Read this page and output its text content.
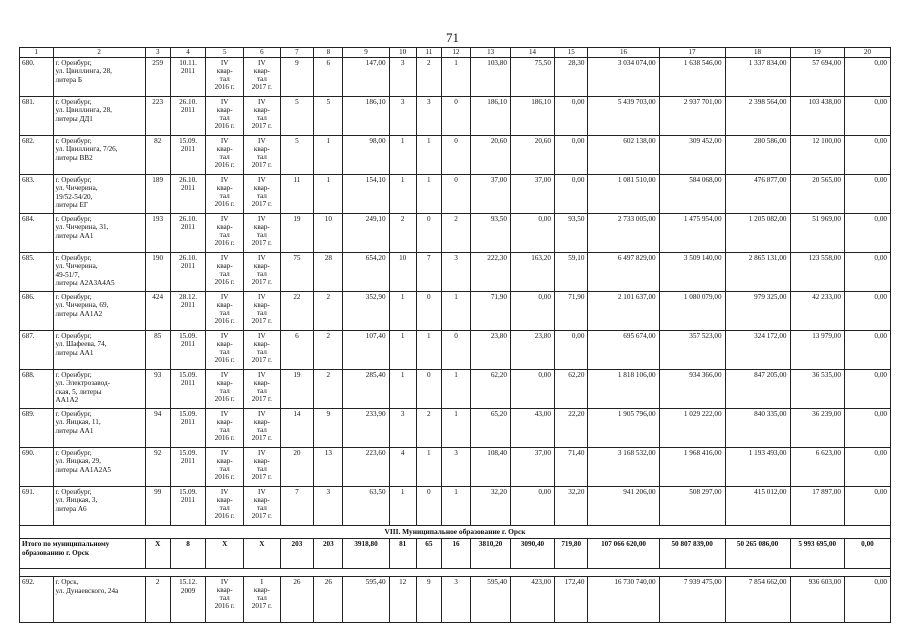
71
1	2	3	4	5	6	7	8	9	10	11	12	13	14	15	16	17	18	19	20
680.	г. Оренбург,
ул. Цвиллинга, 28,
литера Б	259	10.11.
2011	IV
квар-
тал
2016 г.	IV
квар-
тал
2017 г.	9	6	147,00	3	2	1	103,80	75,50	28,30	3 034 074,00	1 638 546,00	1 337 834,00	57 694,00	0,00
681.	г. Оренбург,
ул. Цвиллинга, 28,
литеры ДД1	223	26.10.
2011	IV
квар-
тал
2016 г.	IV
квар-
тал
2017 г.	5	5	186,10	3	3	0	186,10	186,10	0,00	5 439 703,00	2 937 701,00	2 398 564,00	103 438,00	0,00
682.	г. Оренбург,
ул. Цвиллинга, 7/26,
литеры ВВ2	82	15.09.
2011	IV
квар-
тал
2016 г.	IV
квар-
тал
2017 г.	5	1	98,00	1	1	0	20,60	20,60	0,00	602 138,00	309 452,00	280 586,00	12 100,00	0,00
683.	г. Оренбург,
ул. Чичерина,
19/52-54/20,
литеры ЕГ	189	26.10.
2011	IV
квар-
тал
2016 г.	IV
квар-
тал
2017 г.	11	1	154,10	1	1	0	37,00	37,00	0,00	1 081 510,00	584 068,00	476 877,00	20 565,00	0,00
684.	г. Оренбург,
ул. Чичерина, 31,
литеры АА1	193	26.10.
2011	IV
квар-
тал
2016 г.	IV
квар-
тал
2017 г.	19	10	249,10	2	0	2	93,50	0,00	93,50	2 733 005,00	1 475 954,00	1 205 082,00	51 969,00	0,00
685.	г. Оренбург,
ул. Чичерина,
49-51/7,
литеры А2А3А4А5	190	26.10.
2011	IV
квар-
тал
2016 г.	IV
квар-
тал
2017 г.	75	28	654,20	10	7	3	222,30	163,20	59,10	6 497 829,00	3 509 140,00	2 865 131,00	123 558,00	0,00
686.	г. Оренбург,
ул. Чичерина, 69,
литеры АА1А2	424	28.12.
2011	IV
квар-
тал
2016 г.	IV
квар-
тал
2017 г.	22	2	352,90	1	0	1	71,90	0,00	71,90	2 101 637,00	1 080 079,00	979 325,00	42 233,00	0,00
687.	г. Оренбург,
ул. Шафеева, 74,
литеры АА1	85	15.09.
2011	IV
квар-
тал
2016 г.	IV
квар-
тал
2017 г.	6	2	107,40	1	1	0	23,80	23,80	0,00	695 674,00	357 523,00	324 172,00	13 979,00	0,00
688.	г. Оренбург,
ул. Электрозавод-
ская, 5, литеры
АА1А2	93	15.09.
2011	IV
квар-
тал
2016 г.	IV
квар-
тал
2017 г.	19	2	285,40	1	0	1	62,20	0,00	62,20	1 818 106,00	934 366,00	847 205,00	36 535,00	0,00
689.	г. Оренбург,
ул. Яицкая, 11,
литеры АА1	94	15.09.
2011	IV
квар-
тал
2016 г.	IV
квар-
тал
2017 г.	14	9	233,90	3	2	1	65,20	43,00	22,20	1 905 796,00	1 029 222,00	840 335,00	36 239,00	0,00
690.	г. Оренбург,
ул. Яицкая, 29,
литеры АА1А2А5	92	15.09.
2011	IV
квар-
тал
2016 г.	IV
квар-
тал
2017 г.	20	13	223,60	4	1	3	108,40	37,00	71,40	3 168 532,00	1 968 416,00	1 193 493,00	6 623,00	0,00
691.	г. Оренбург,
ул. Яицкая, 3,
литера А6	99	15.09.
2011	IV
квар-
тал
2016 г.	IV
квар-
тал
2017 г.	7	3	63,50	1	0	1	32,20	0,00	32,20	941 206,00	508 297,00	415 012,00	17 897,00	0,00
VIII. Муниципальное образование г. Орск																			
Итого по муниципальному
образованию г. Орск		X	8	X	X	203	203	3918,80	81	65	16	3810,20	3090,40	719,80	107 066 620,00	50 807 839,00	50 265 086,00	5 993 695,00	0,00

692.	г. Орск,
ул. Дунаевского, 24а	2	15.12.
2009	IV
квар-
тал
2016 г.	I
квар-
тал
2017 г.	26	26	595,40	12	9	3	595,40	423,00	172,40	16 730 740,00	7 939 475,00	7 854 662,00	936 603,00	0,00
